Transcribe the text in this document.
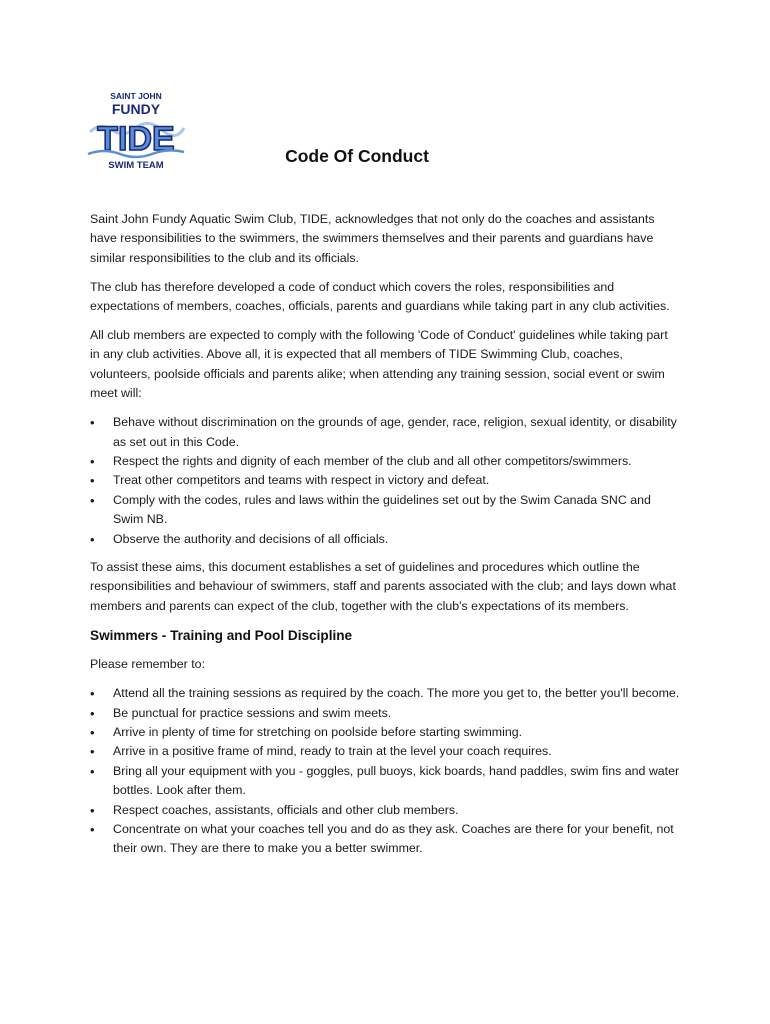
SAINT JOHN
FUNDY
TIDE
SWIM TEAM	Code Of Conduct

Saint John Fundy Aquatic Swim Club, TIDE, acknowledges that not only do the coaches and assistants have responsibilities to the swimmers, the swimmers themselves and their parents and guardians have similar responsibilities to the club and its officials.

The club has therefore developed a code of conduct which covers the roles, responsibilities and expectations of members, coaches, officials, parents and guardians while taking part in any club activities.

All club members are expected to comply with the following 'Code of Conduct' guidelines while taking part in any club activities. Above all, it is expected that all members of TIDE Swimming Club, coaches, volunteers, poolside officials and parents alike; when attending any training session, social event or swim meet will:

• Behave without discrimination on the grounds of age, gender, race, religion, sexual identity, or disability as set out in this Code.
• Respect the rights and dignity of each member of the club and all other competitors/swimmers.
• Treat other competitors and teams with respect in victory and defeat.
• Comply with the codes, rules and laws within the guidelines set out by the Swim Canada SNC and Swim NB.
• Observe the authority and decisions of all officials.

To assist these aims, this document establishes a set of guidelines and procedures which outline the responsibilities and behaviour of swimmers, staff and parents associated with the club; and lays down what members and parents can expect of the club, together with the club's expectations of its members.

Swimmers - Training and Pool Discipline

Please remember to:

• Attend all the training sessions as required by the coach. The more you get to, the better you'll become.
• Be punctual for practice sessions and swim meets.
• Arrive in plenty of time for stretching on poolside before starting swimming.
• Arrive in a positive frame of mind, ready to train at the level your coach requires.
• Bring all your equipment with you - goggles, pull buoys, kick boards, hand paddles, swim fins and water bottles. Look after them.
• Respect coaches, assistants, officials and other club members.
• Concentrate on what your coaches tell you and do as they ask. Coaches are there for your benefit, not their own. They are there to make you a better swimmer.
